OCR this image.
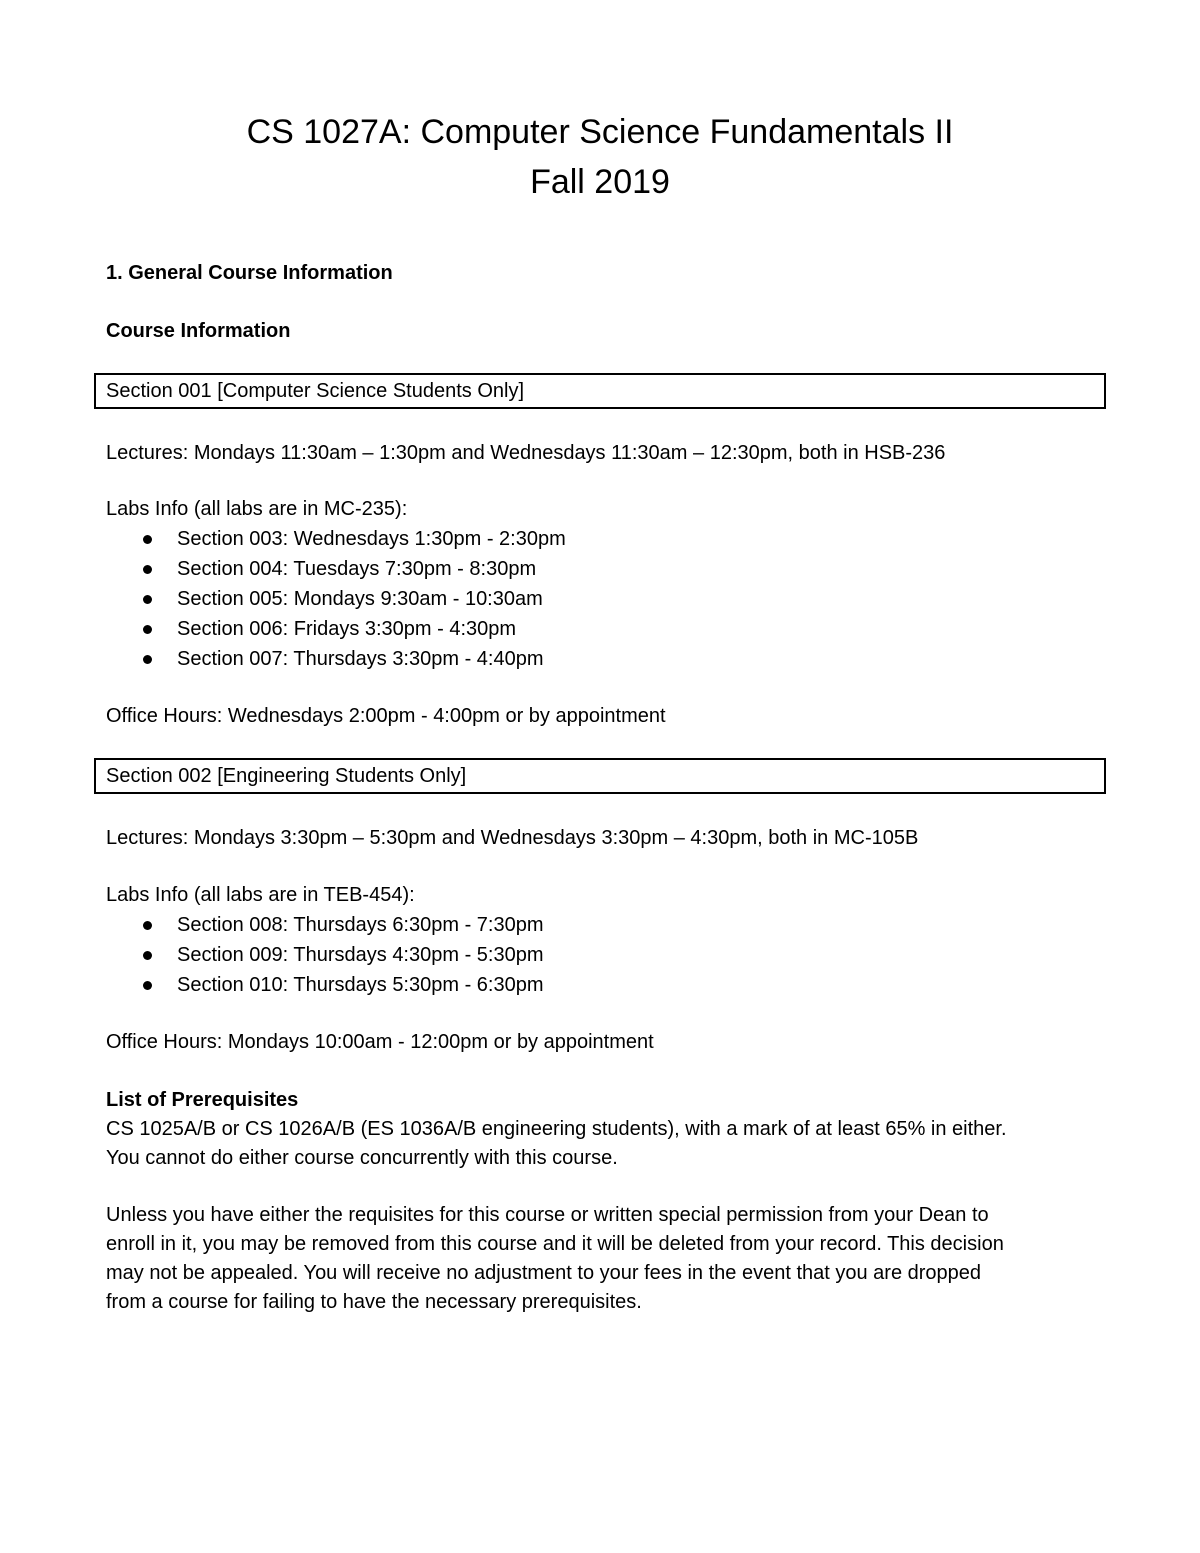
CS 1027A: Computer Science Fundamentals II
Fall 2019
1. General Course Information
Course Information
Section 001 [Computer Science Students Only]
Lectures: Mondays 11:30am – 1:30pm and Wednesdays 11:30am – 12:30pm, both in HSB-236
Labs Info (all labs are in MC-235):
Section 003: Wednesdays 1:30pm - 2:30pm
Section 004: Tuesdays 7:30pm - 8:30pm
Section 005: Mondays 9:30am - 10:30am
Section 006: Fridays 3:30pm - 4:30pm
Section 007: Thursdays 3:30pm - 4:40pm
Office Hours: Wednesdays 2:00pm - 4:00pm or by appointment
Section 002 [Engineering Students Only]
Lectures: Mondays 3:30pm – 5:30pm and Wednesdays 3:30pm – 4:30pm, both in MC-105B
Labs Info (all labs are in TEB-454):
Section 008: Thursdays 6:30pm - 7:30pm
Section 009: Thursdays 4:30pm - 5:30pm
Section 010: Thursdays 5:30pm - 6:30pm
Office Hours: Mondays 10:00am - 12:00pm or by appointment
List of Prerequisites
CS 1025A/B or CS 1026A/B (ES 1036A/B engineering students), with a mark of at least 65% in either.
You cannot do either course concurrently with this course.
Unless you have either the requisites for this course or written special permission from your Dean to
enroll in it, you may be removed from this course and it will be deleted from your record. This decision
may not be appealed. You will receive no adjustment to your fees in the event that you are dropped
from a course for failing to have the necessary prerequisites.
